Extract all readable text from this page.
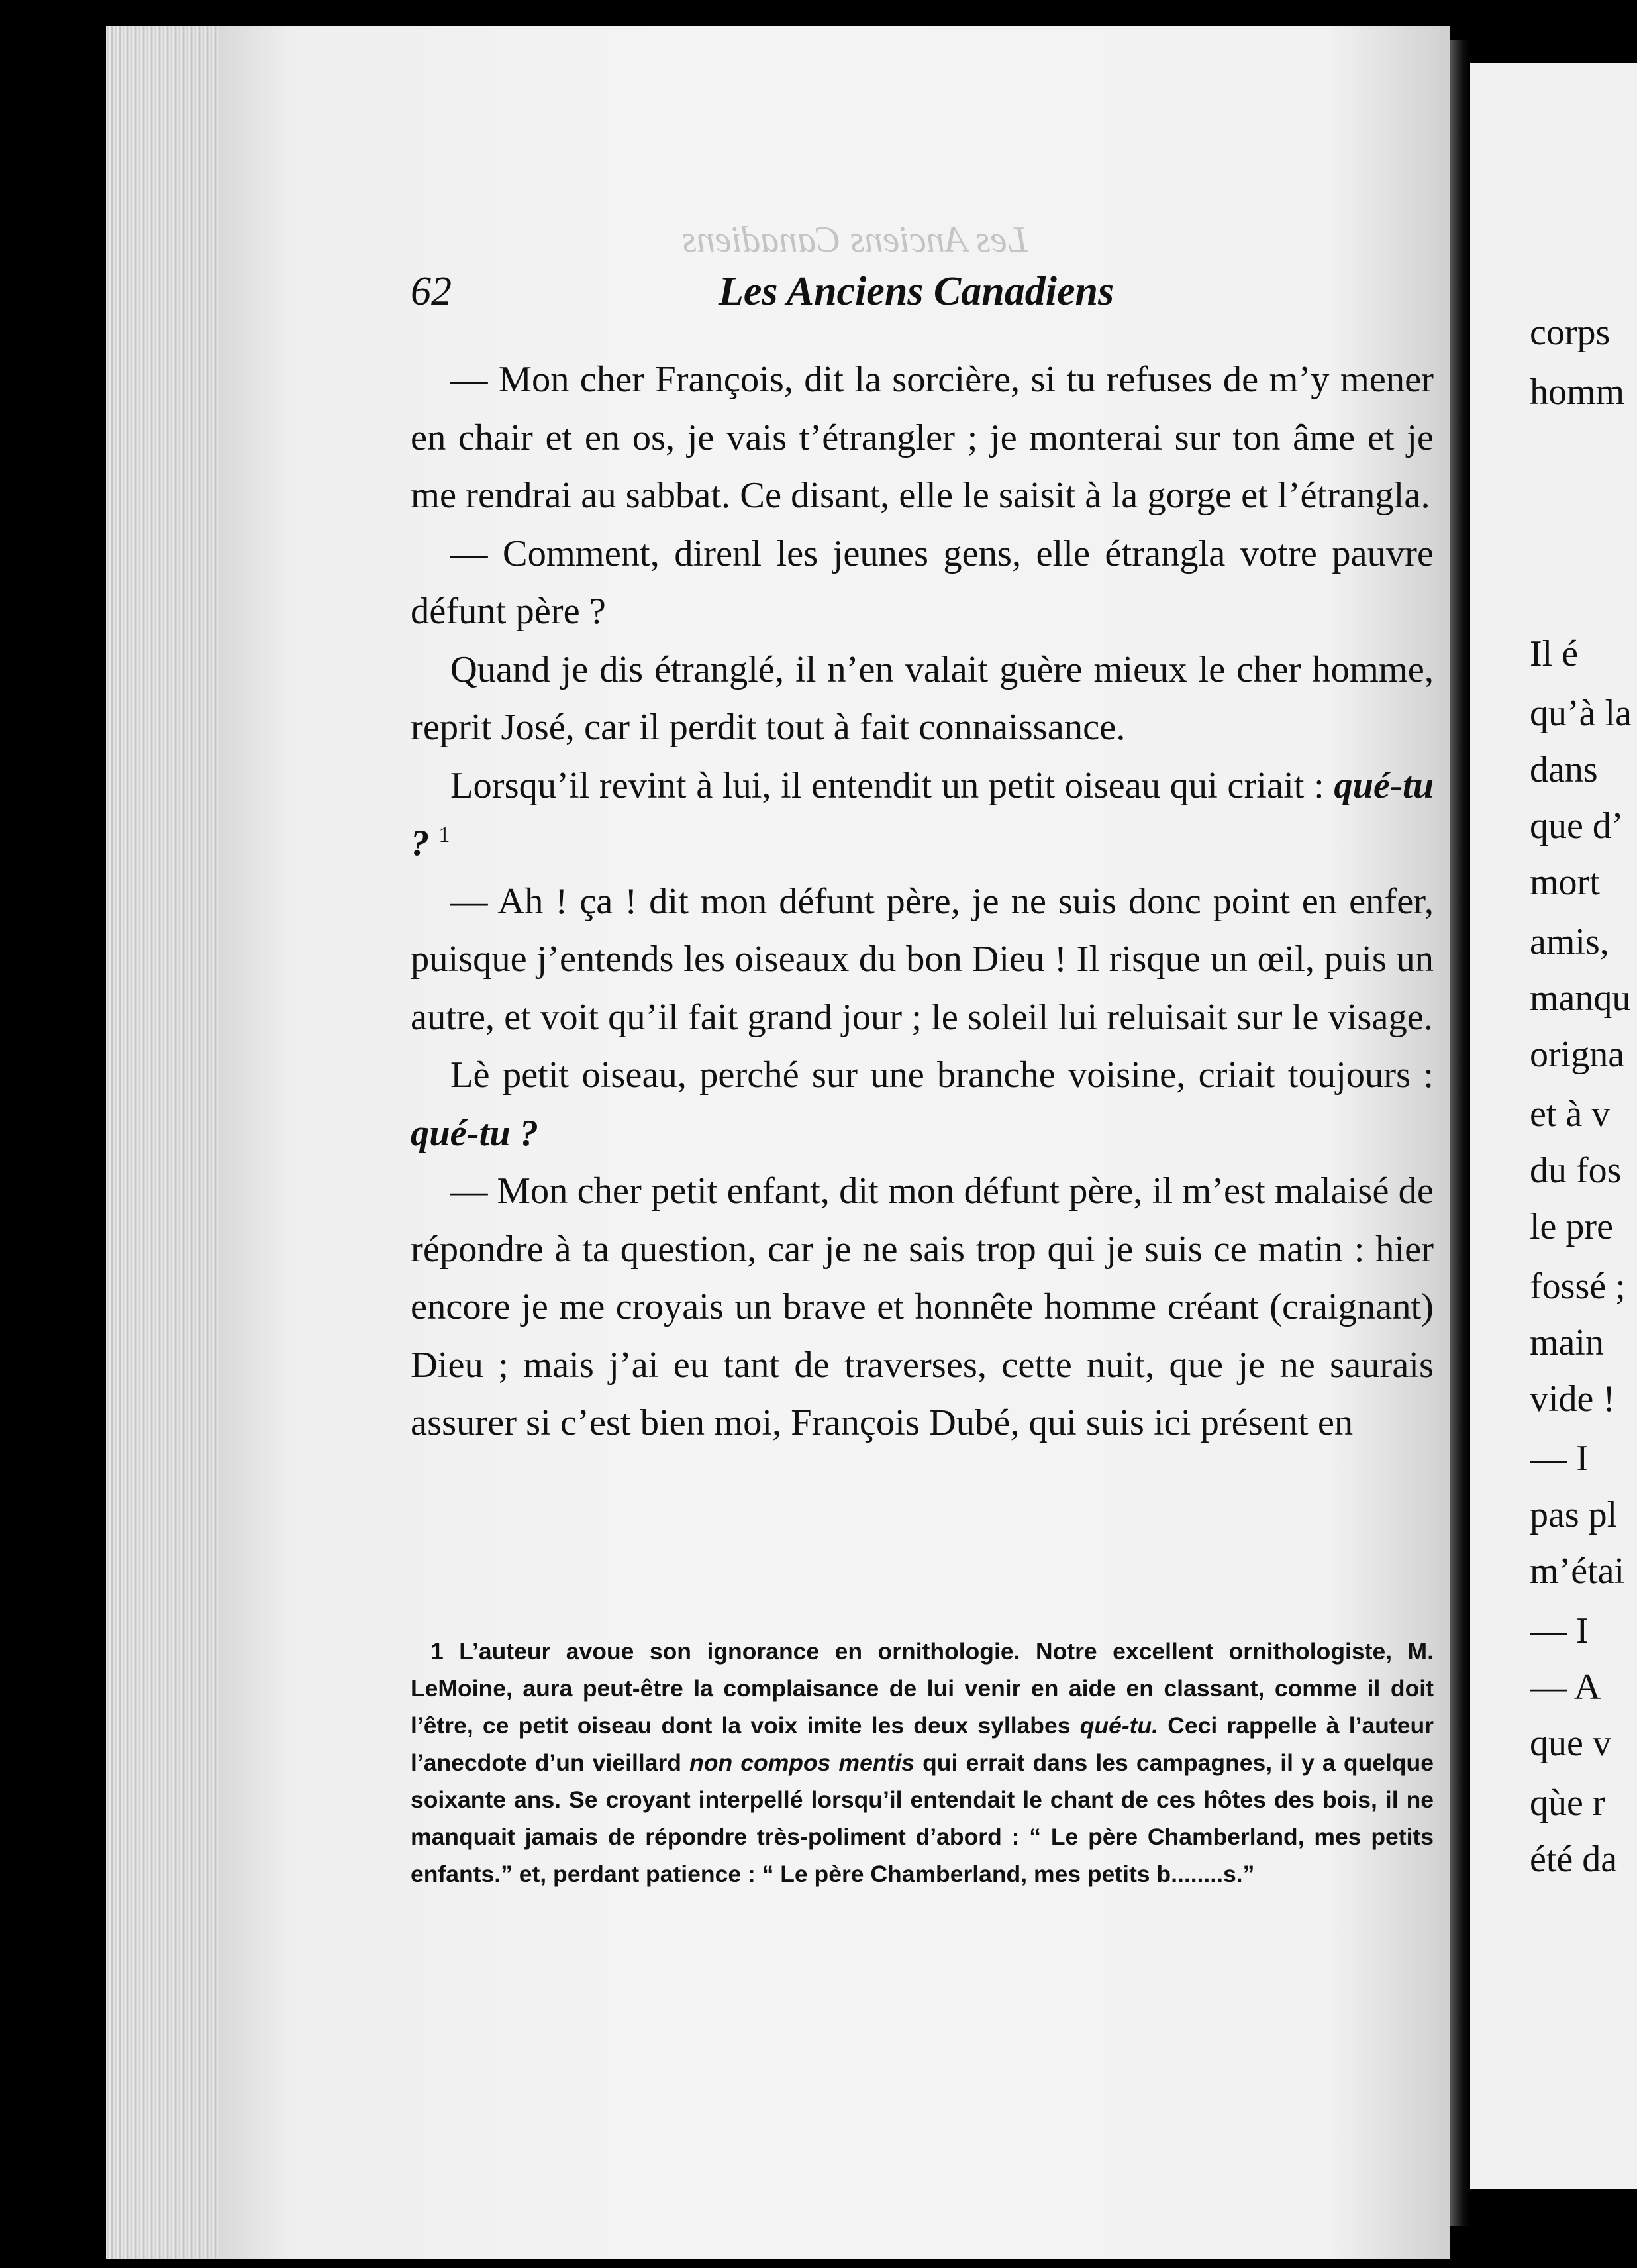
Les Anciens Canadiens
62	Les Anciens Canadiens

— Mon cher François, dit la sorcière, si tu refuses de m’y mener en chair et en os, je vais t’étrangler ; je monterai sur ton âme et je me rendrai au sabbat. Ce disant, elle le saisit à la gorge et l’étrangla.

— Comment, direnl les jeunes gens, elle étrangla votre pauvre défunt père ?

Quand je dis étranglé, il n’en valait guère mieux le cher homme, reprit José, car il perdit tout à fait connaissance.

Lorsqu’il revint à lui, il entendit un petit oiseau qui criait : qué-tu ? $^1$

— Ah ! ça ! dit mon défunt père, je ne suis donc point en enfer, puisque j’entends les oiseaux du bon Dieu ! Il risque un œil, puis un autre, et voit qu’il fait grand jour ; le soleil lui reluisait sur le visage.

Lè petit oiseau, perché sur une branche voisine, criait toujours : qué-tu ?

— Mon cher petit enfant, dit mon défunt père, il m’est malaisé de répondre à ta question, car je ne sais trop qui je suis ce matin : hier encore je me croyais un brave et honnête homme créant (craignant) Dieu ; mais j’ai eu tant de traverses, cette nuit, que je ne saurais assurer si c’est bien moi, François Dubé, qui suis ici présent en

1 L’auteur avoue son ignorance en ornithologie. Notre excellent ornithologiste, M. LeMoine, aura peut-être la complaisance de lui venir en aide en classant, comme il doit l’être, ce petit oiseau dont la voix imite les deux syllabes qué-tu. Ceci rappelle à l’auteur l’anecdote d’un vieillard non compos mentis qui errait dans les campagnes, il y a quelque soixante ans. Se croyant interpellé lorsqu’il entendait le chant de ces hôtes des bois, il ne manquait jamais de répondre très-poliment d’abord : “ Le père Chamberland, mes petits enfants.” et, perdant patience : “ Le père Chamberland, mes petits b........s.”

corps
homm
Il é
qu’à la
dans
que d’
mort
amis,
manqu
origna
et à v
du fos
le pre
fossé ;
main
vide !
— I
pas pl
m’étai
— I
— A
que v
qùe r
été da
